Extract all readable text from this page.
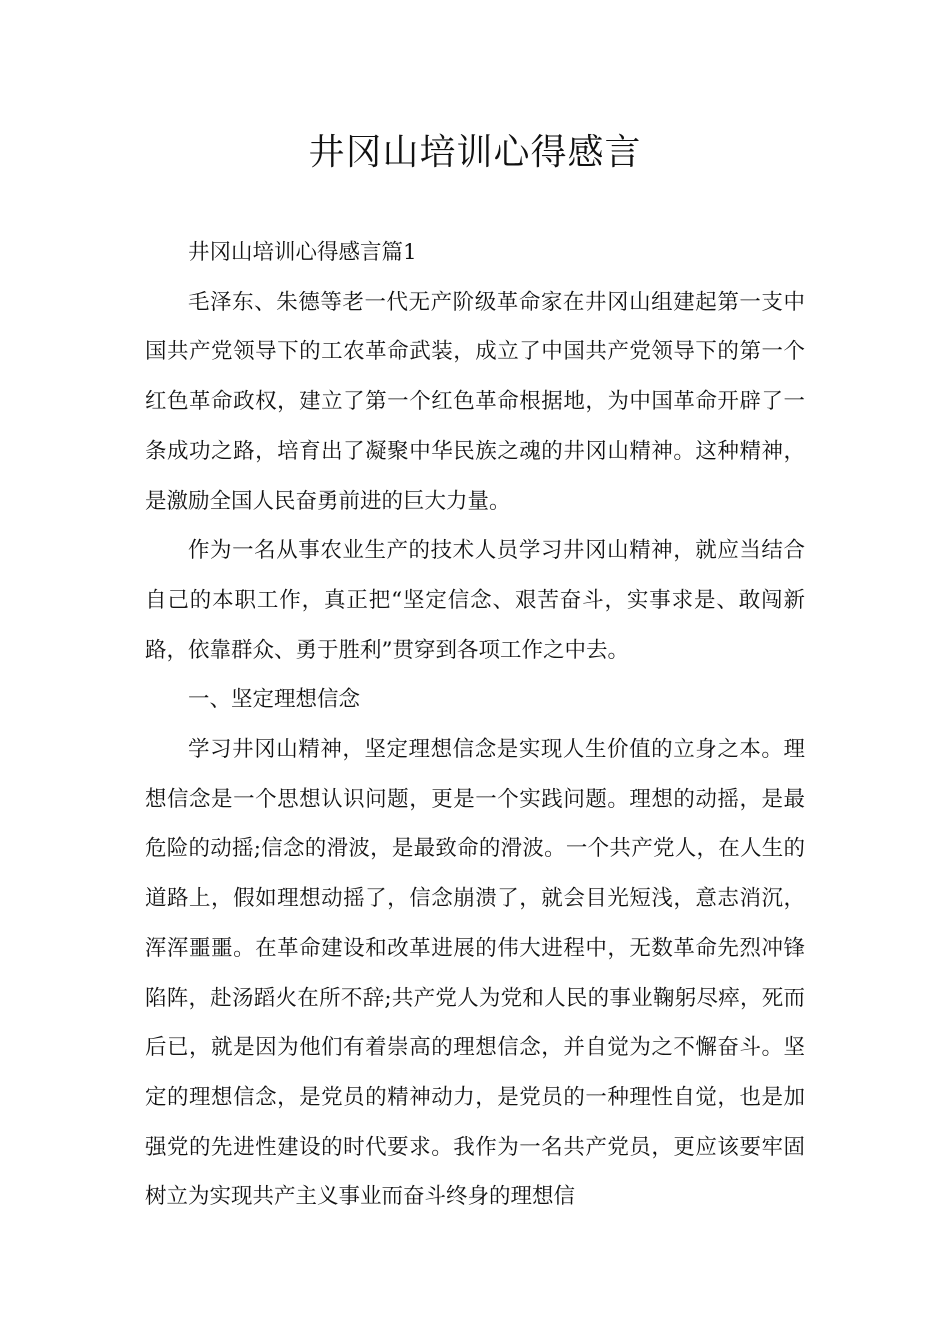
井冈山培训心得感言

井冈山培训心得感言篇1

毛泽东、朱德等老一代无产阶级革命家在井冈山组建起第一支中国共产党领导下的工农革命武装，成立了中国共产党领导下的第一个红色革命政权，建立了第一个红色革命根据地，为中国革命开辟了一条成功之路，培育出了凝聚中华民族之魂的井冈山精神。这种精神，是激励全国人民奋勇前进的巨大力量。

作为一名从事农业生产的技术人员学习井冈山精神，就应当结合自己的本职工作，真正把“坚定信念、艰苦奋斗，实事求是、敢闯新路，依靠群众、勇于胜利”贯穿到各项工作之中去。

一、坚定理想信念

学习井冈山精神，坚定理想信念是实现人生价值的立身之本。理想信念是一个思想认识问题，更是一个实践问题。理想的动摇，是最危险的动摇;信念的滑波，是最致命的滑波。一个共产党人，在人生的道路上，假如理想动摇了，信念崩溃了，就会目光短浅，意志消沉，浑浑噩噩。在革命建设和改革进展的伟大进程中，无数革命先烈冲锋陷阵，赴汤蹈火在所不辞;共产党人为党和人民的事业鞠躬尽瘁，死而后已，就是因为他们有着崇高的理想信念，并自觉为之不懈奋斗。坚定的理想信念，是党员的精神动力，是党员的一种理性自觉，也是加强党的先进性建设的时代要求。我作为一名共产党员，更应该要牢固树立为实现共产主义事业而奋斗终身的理想信
